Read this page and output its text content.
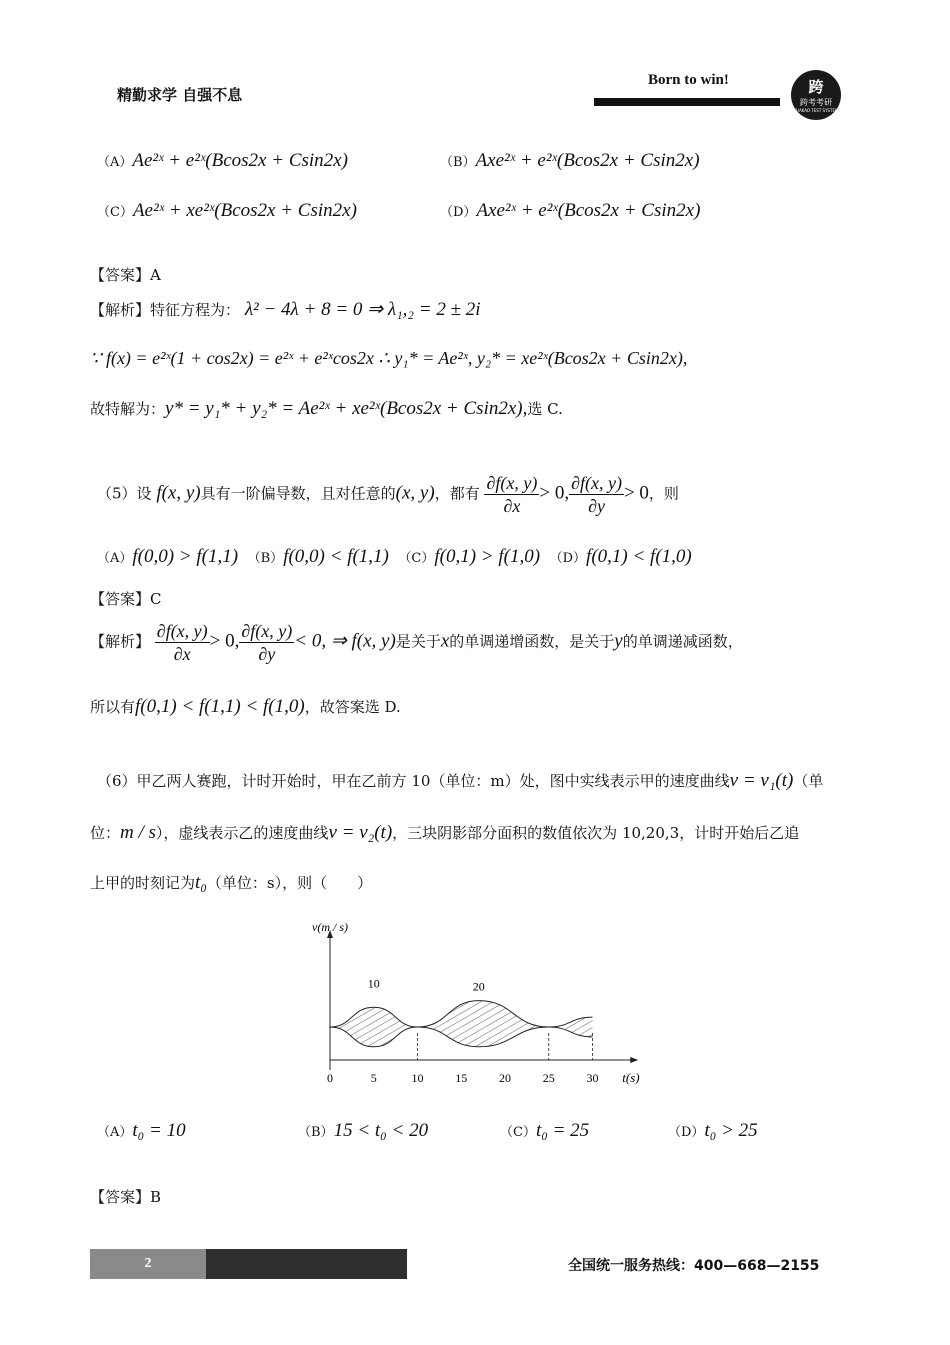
精勤求学 自强不息
Born to win!	跨
跨考考研
KUAKAO TEST SYSTEM
（A）Ae²ˣ + e²ˣ(Bcos2x + Csin2x)	（B）Axe²ˣ + e²ˣ(Bcos2x + Csin2x)
（C）Ae²ˣ + xe²ˣ(Bcos2x + Csin2x)	（D）Axe²ˣ + e²ˣ(Bcos2x + Csin2x)
【答案】A
【解析】特征方程为： λ² − 4λ + 8 = 0 ⇒ λ₁,₂ = 2 ± 2i
∵ f(x) = e²ˣ(1 + cos2x) = e²ˣ + e²ˣcos2x ∴ y₁* = Ae²ˣ, y₂* = xe²ˣ(Bcos2x + Csin2x),
故特解为：y* = y₁* + y₂* = Ae²ˣ + xe²ˣ(Bcos2x + Csin2x),选 C.
（5）设 f(x, y)具有一阶偏导数，且对任意的(x, y)，都有 $\frac{\partial f(x, y)}{\partial x} > 0$, $\frac{\partial f(x, y)}{\partial y} > 0$，则
（A）f(0,0) > f(1,1) （B）f(0,0) < f(1,1) （C）f(0,1) > f(1,0) （D）f(0,1) < f(1,0)
【答案】C
【解析】 $\frac{\partial f(x, y)}{\partial x} > 0$, $\frac{\partial f(x, y)}{\partial y} < 0$, ⇒ f(x, y)是关于x的单调递增函数，是关于y的单调递减函数，
所以有f(0,1) < f(1,1) < f(1,0)，故答案选 D.
（6）甲乙两人赛跑，计时开始时，甲在乙前方 10（单位：m）处，图中实线表示甲的速度曲线v = v₁(t)（单
位：m / s），虚线表示乙的速度曲线v = v₂(t)，三块阴影部分面积的数值依次为 10,20,3，计时开始后乙追
上甲的时刻记为t₀（单位：s），则（　　）
v(m / s)
t(s)
0	5	10	15	20	25	30
10	20
（A）t₀ = 10	（B）15 < t₀ < 20	（C）t₀ = 25	（D）t₀ > 25
【答案】B
2	全国统一服务热线：400—668—2155
